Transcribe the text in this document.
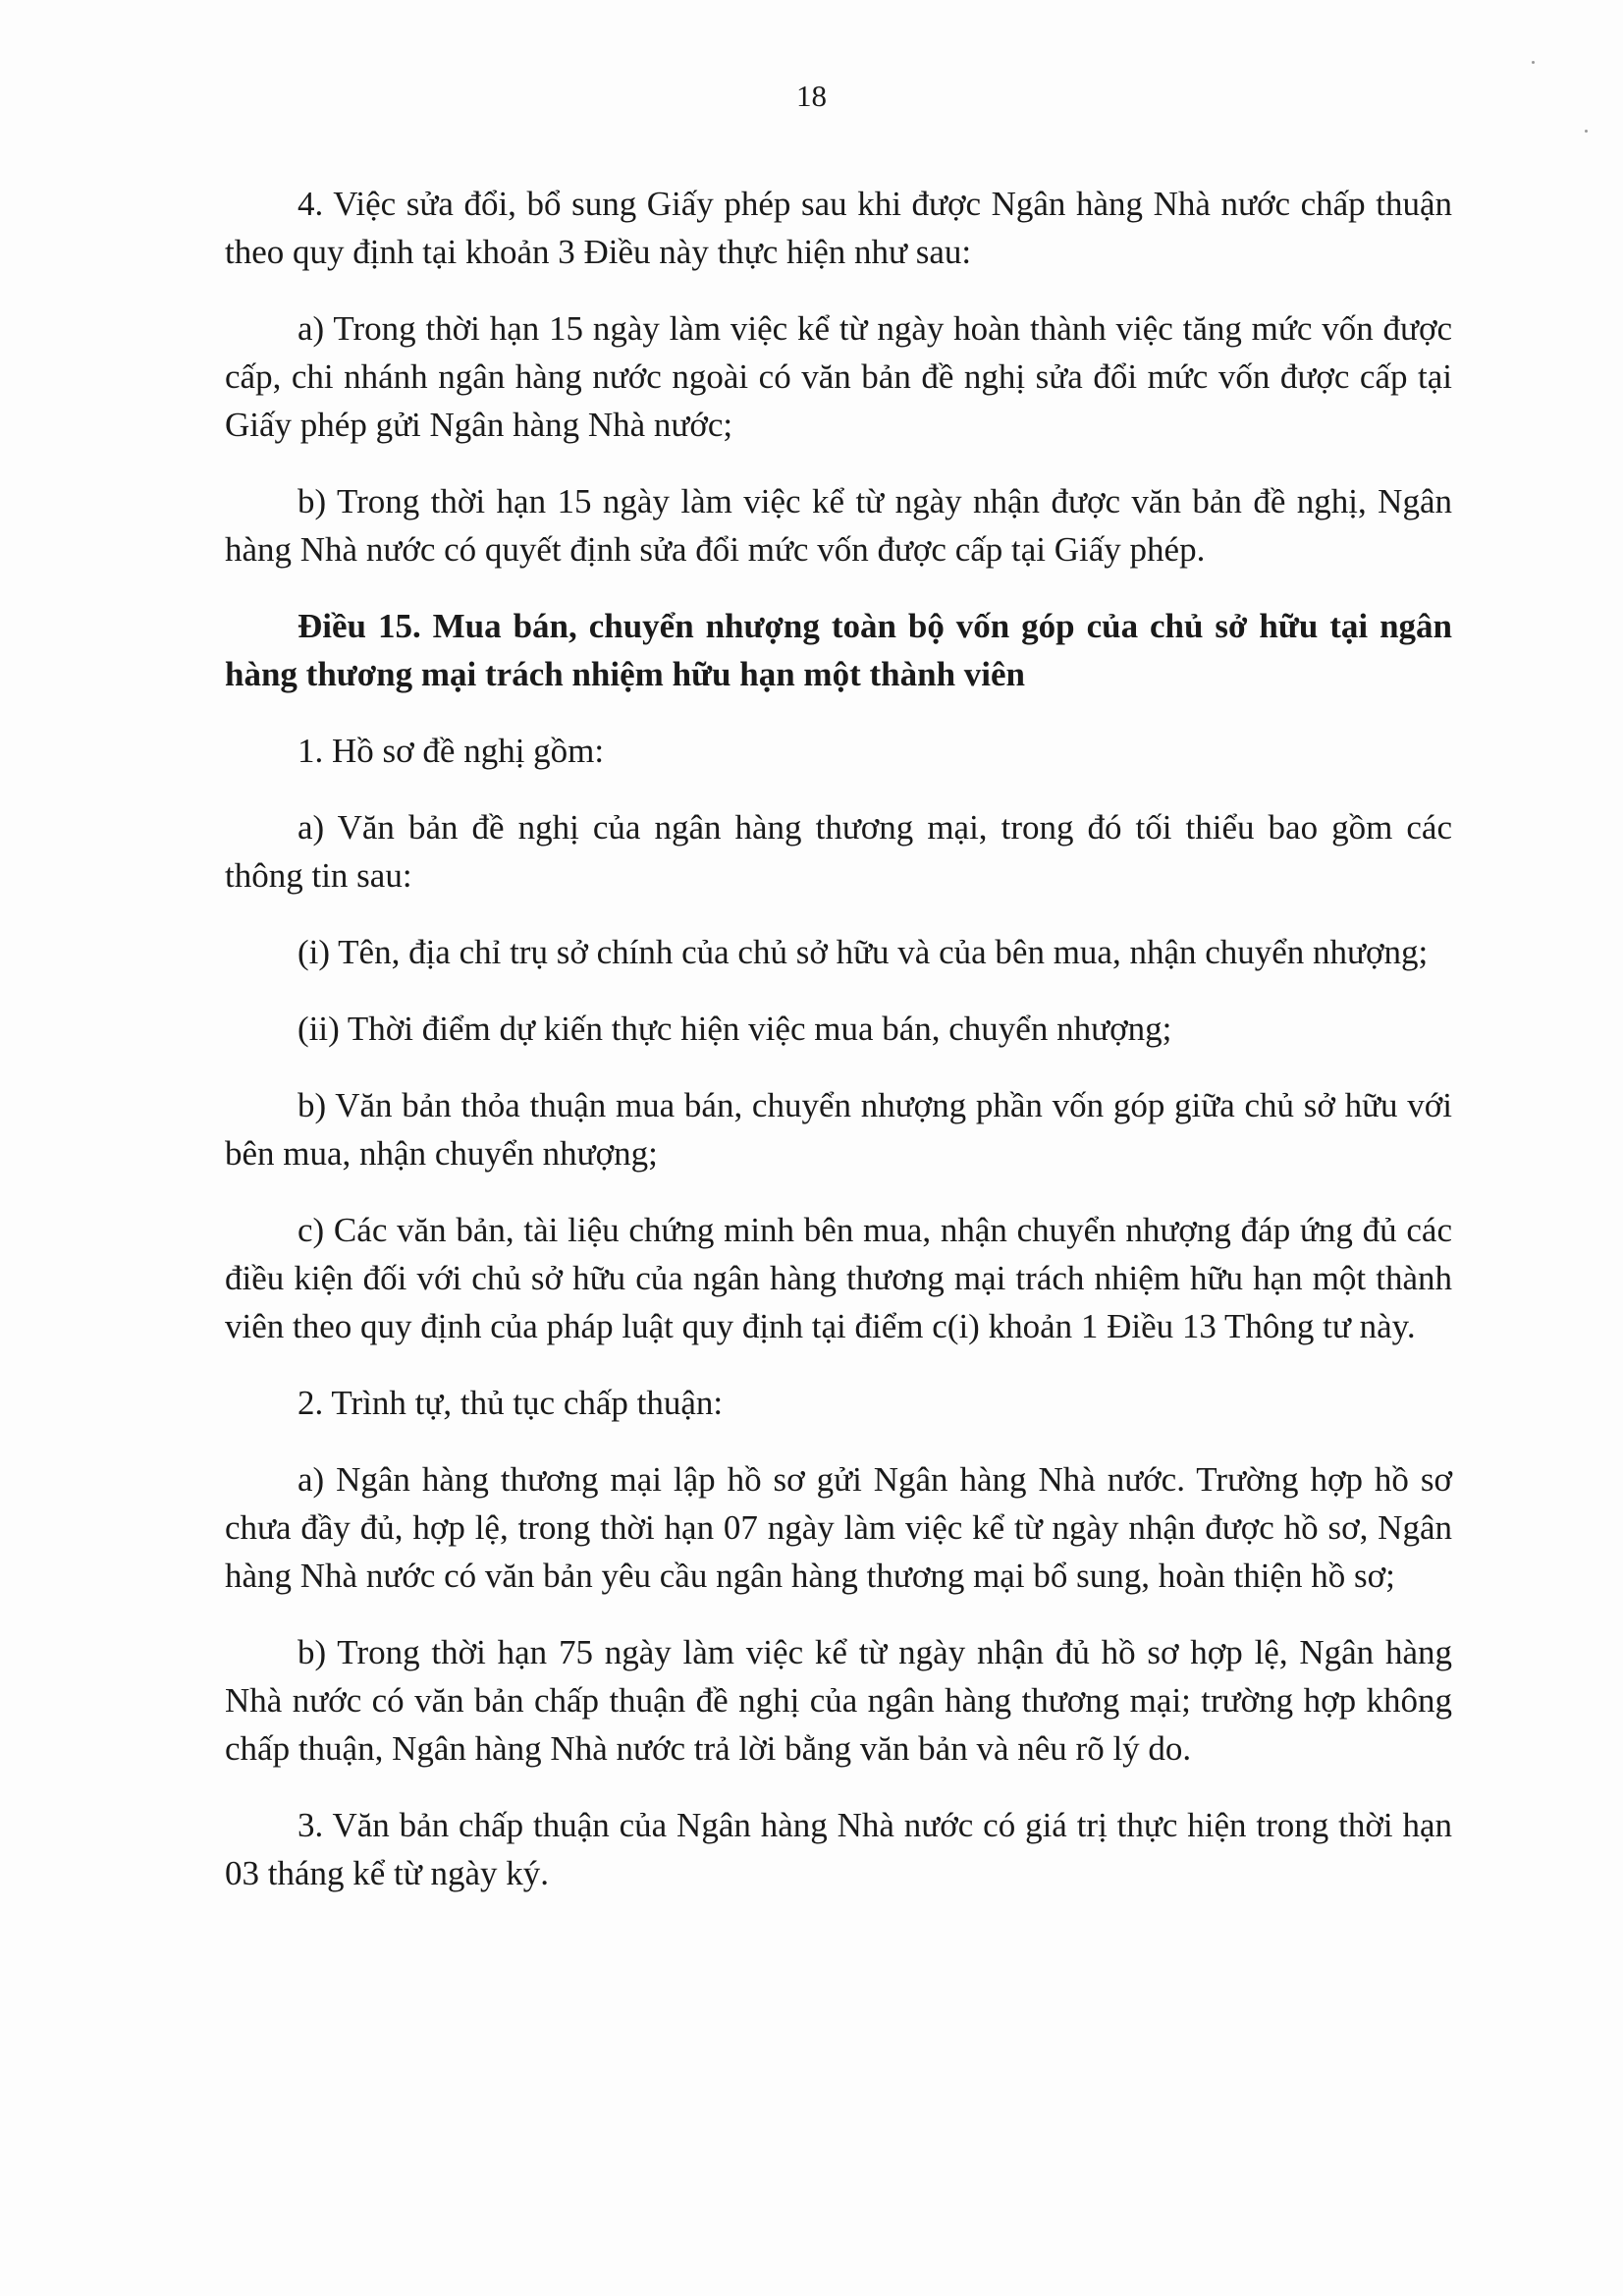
18

4. Việc sửa đổi, bổ sung Giấy phép sau khi được Ngân hàng Nhà nước chấp thuận theo quy định tại khoản 3 Điều này thực hiện như sau:

a) Trong thời hạn 15 ngày làm việc kể từ ngày hoàn thành việc tăng mức vốn được cấp, chi nhánh ngân hàng nước ngoài có văn bản đề nghị sửa đổi mức vốn được cấp tại Giấy phép gửi Ngân hàng Nhà nước;

b) Trong thời hạn 15 ngày làm việc kể từ ngày nhận được văn bản đề nghị, Ngân hàng Nhà nước có quyết định sửa đổi mức vốn được cấp tại Giấy phép.

Điều 15. Mua bán, chuyển nhượng toàn bộ vốn góp của chủ sở hữu tại ngân hàng thương mại trách nhiệm hữu hạn một thành viên

1. Hồ sơ đề nghị gồm:

a) Văn bản đề nghị của ngân hàng thương mại, trong đó tối thiểu bao gồm các thông tin sau:

(i) Tên, địa chỉ trụ sở chính của chủ sở hữu và của bên mua, nhận chuyển nhượng;

(ii) Thời điểm dự kiến thực hiện việc mua bán, chuyển nhượng;

b) Văn bản thỏa thuận mua bán, chuyển nhượng phần vốn góp giữa chủ sở hữu với bên mua, nhận chuyển nhượng;

c) Các văn bản, tài liệu chứng minh bên mua, nhận chuyển nhượng đáp ứng đủ các điều kiện đối với chủ sở hữu của ngân hàng thương mại trách nhiệm hữu hạn một thành viên theo quy định của pháp luật quy định tại điểm c(i) khoản 1 Điều 13 Thông tư này.

2. Trình tự, thủ tục chấp thuận:

a) Ngân hàng thương mại lập hồ sơ gửi Ngân hàng Nhà nước. Trường hợp hồ sơ chưa đầy đủ, hợp lệ, trong thời hạn 07 ngày làm việc kể từ ngày nhận được hồ sơ, Ngân hàng Nhà nước có văn bản yêu cầu ngân hàng thương mại bổ sung, hoàn thiện hồ sơ;

b) Trong thời hạn 75 ngày làm việc kể từ ngày nhận đủ hồ sơ hợp lệ, Ngân hàng Nhà nước có văn bản chấp thuận đề nghị của ngân hàng thương mại; trường hợp không chấp thuận, Ngân hàng Nhà nước trả lời bằng văn bản và nêu rõ lý do.

3. Văn bản chấp thuận của Ngân hàng Nhà nước có giá trị thực hiện trong thời hạn 03 tháng kể từ ngày ký.
